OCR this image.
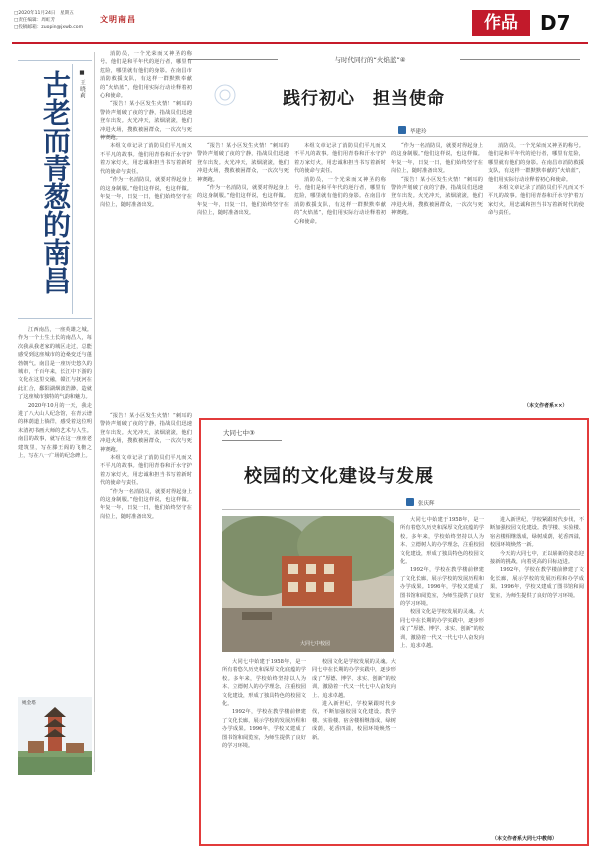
□2020年11月24日　星期五
□责任编辑：周虹芳
□投稿邮箱：zuopin@jxwb.com
文明南昌	作品	D7
古老而青葱的南昌	■ 王晓莉

江西南昌，一座英雄之城。作为一个土生土长的南昌人，每次我从我老家的城区走过，总能感受到这座城市的沧桑变迁与蓬勃朝气。南昌是一座历史悠久的城市，千百年来，长江中下游的文化在这里交融，赣江与抚河在此汇合，鄱阳湖烟波浩渺，造就了这座城市独特的气韵和魅力。

2020年10月的一天，我走进了八大山人纪念馆，在青云谱的林荫道上徜徉，感受着这位明末清初书画大师的艺术与人生。南昌的故事，就写在这一座座老建筑里，写在滕王阁的飞檐之上，写在八一广场的纪念碑上。

绳金塔
与时代同行的“火焰蓝”④
践行初心　担当使命
毕建玲

消防员，一个光荣而又神圣的称号。他们是和平年代的逆行者，哪里有危险，哪里就有他们的身影。在南昌市消防救援支队，有这样一群默默奉献的“火焰蓝”，他们用实际行动诠释着初心和使命。

“报告！某小区发生火情！”刺耳的警铃声划破了夜的宁静，指战员们迅速登车出发。火光冲天，浓烟滚滚，他们冲进火场，搜救被困群众，一次次与死神赛跑。

本组文章记录了消防员们平凡而又不平凡的故事。他们用青春和汗水守护着万家灯火，用忠诚和担当书写着新时代的使命与责任。

“作为一名消防员，就要对得起身上的这身制服。”他们这样说，也这样做。年复一年，日复一日，他们始终坚守在岗位上，随时准备出发。

“报告！某小区发生火情！”刺耳的警铃声划破了夜的宁静，指战员们迅速登车出发。火光冲天，浓烟滚滚，他们冲进火场，搜救被困群众，一次次与死神赛跑。

“作为一名消防员，就要对得起身上的这身制服。”他们这样说，也这样做。年复一年，日复一日，他们始终坚守在岗位上，随时准备出发。

本组文章记录了消防员们平凡而又不平凡的故事。他们用青春和汗水守护着万家灯火，用忠诚和担当书写着新时代的使命与责任。

消防员，一个光荣而又神圣的称号。他们是和平年代的逆行者，哪里有危险，哪里就有他们的身影。在南昌市消防救援支队，有这样一群默默奉献的“火焰蓝”，他们用实际行动诠释着初心和使命。

“作为一名消防员，就要对得起身上的这身制服。”他们这样说，也这样做。年复一年，日复一日，他们始终坚守在岗位上，随时准备出发。

“报告！某小区发生火情！”刺耳的警铃声划破了夜的宁静，指战员们迅速登车出发。火光冲天，浓烟滚滚，他们冲进火场，搜救被困群众，一次次与死神赛跑。

消防员，一个光荣而又神圣的称号。他们是和平年代的逆行者，哪里有危险，哪里就有他们的身影。在南昌市消防救援支队，有这样一群默默奉献的“火焰蓝”，他们用实际行动诠释着初心和使命。

本组文章记录了消防员们平凡而又不平凡的故事。他们用青春和汗水守护着万家灯火，用忠诚和担当书写着新时代的使命与责任。

（本文作者系××）

“报告！某小区发生火情！”刺耳的警铃声划破了夜的宁静，指战员们迅速登车出发。火光冲天，浓烟滚滚，他们冲进火场，搜救被困群众，一次次与死神赛跑。

本组文章记录了消防员们平凡而又不平凡的故事。他们用青春和汗水守护着万家灯火，用忠诚和担当书写着新时代的使命与责任。

“作为一名消防员，就要对得起身上的这身制服。”他们这样说，也这样做。年复一年，日复一日，他们始终坚守在岗位上，随时准备出发。

大同七中③
校园的文化建设与发展
张庆辉
大同七中校园

大同七中始建于1958年，是一所有着悠久历史和深厚文化底蕴的学校。多年来，学校始终坚持以人为本、立德树人的办学理念，注重校园文化建设，形成了独具特色的校园文化。

1992年，学校在教学楼前修建了文化长廊，展示学校的发展历程和办学成果。1996年，学校又建成了图书馆和阅览室，为师生提供了良好的学习环境。

校园文化是学校发展的灵魂。大同七中在长期的办学实践中，逐步形成了“厚德、博学、求实、创新”的校训，激励着一代又一代七中人奋发向上、追求卓越。

进入新世纪，学校紧跟时代步伐，不断加强校园文化建设。教学楼、实验楼、宿舍楼相继落成，绿树成荫，花香四溢，校园环境焕然一新。

今天的大同七中，正以崭新的姿态迎接新的挑战，向着更高的目标迈进。

1992年，学校在教学楼前修建了文化长廊，展示学校的发展历程和办学成果。1996年，学校又建成了图书馆和阅览室，为师生提供了良好的学习环境。

大同七中始建于1958年，是一所有着悠久历史和深厚文化底蕴的学校。多年来，学校始终坚持以人为本、立德树人的办学理念，注重校园文化建设，形成了独具特色的校园文化。

1992年，学校在教学楼前修建了文化长廊，展示学校的发展历程和办学成果。1996年，学校又建成了图书馆和阅览室，为师生提供了良好的学习环境。

校园文化是学校发展的灵魂。大同七中在长期的办学实践中，逐步形成了“厚德、博学、求实、创新”的校训，激励着一代又一代七中人奋发向上、追求卓越。

进入新世纪，学校紧跟时代步伐，不断加强校园文化建设。教学楼、实验楼、宿舍楼相继落成，绿树成荫，花香四溢，校园环境焕然一新。

（本文作者系大同七中教师）
